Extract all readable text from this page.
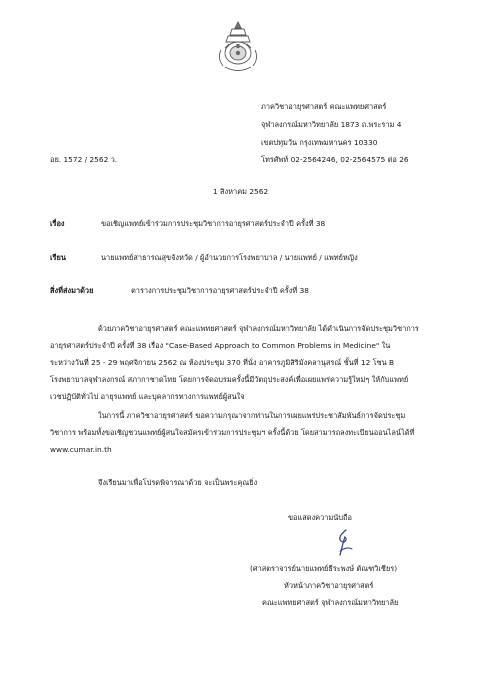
ภาควิชาอายุรศาสตร์ คณะแพทยศาสตร์
จุฬาลงกรณ์มหาวิทยาลัย 1873 ถ.พระราม 4
เขตปทุมวัน กรุงเทพมหานคร 10330
โทรศัพท์ 02-2564246, 02-2564575 ต่อ 26
อย. 1572 / 2562 ว.
1 สิงหาคม 2562
เรื่อง	ขอเชิญแพทย์เข้าร่วมการประชุมวิชาการอายุรศาสตร์ประจำปี ครั้งที่ 38
เรียน	นายแพทย์สาธารณสุขจังหวัด / ผู้อำนวยการโรงพยาบาล / นายแพทย์ / แพทย์หญิง
สิ่งที่ส่งมาด้วย	ตารางการประชุมวิชาการอายุรศาสตร์ประจำปี ครั้งที่ 38
ด้วยภาควิชาอายุรศาสตร์ คณะแพทยศาสตร์ จุฬาลงกรณ์มหาวิทยาลัย ได้ดำเนินการจัดประชุมวิชาการ
อายุรศาสตร์ประจำปี ครั้งที่ 38 เรื่อง "Case-Based Approach to Common Problems in Medicine" ใน
ระหว่างวันที่ 25 - 29 พฤศจิกายน 2562 ณ ห้องประชุม 370 ที่นั่ง อาคารภูมิสิริมังคลานุสรณ์ ชั้นที่ 12 โซน B
โรงพยาบาลจุฬาลงกรณ์ สภากาชาดไทย โดยการจัดอบรมครั้งนี้มีวัตถุประสงค์เพื่อเผยแพร่ความรู้ใหม่ๆ ให้กับแพทย์
เวชปฏิบัติทั่วไป อายุรแพทย์ และบุคลากรทางการแพทย์ผู้สนใจ
ในการนี้ ภาควิชาอายุรศาสตร์ ขอความกรุณาจากท่านในการเผยแพร่ประชาสัมพันธ์การจัดประชุม
วิชาการ พร้อมทั้งขอเชิญชวนแพทย์ผู้สนใจสมัครเข้าร่วมการประชุมฯ ครั้งนี้ด้วย โดยสามารถลงทะเบียนออนไลน์ได้ที่
www.cumar.in.th
จึงเรียนมาเพื่อโปรดพิจารณาด้วย จะเป็นพระคุณยิ่ง
ขอแสดงความนับถือ
(ศาสตราจารย์นายแพทย์ธีระพงษ์ ตัณฑวิเชียร)
หัวหน้าภาควิชาอายุรศาสตร์
คณะแพทยศาสตร์ จุฬาลงกรณ์มหาวิทยาลัย
